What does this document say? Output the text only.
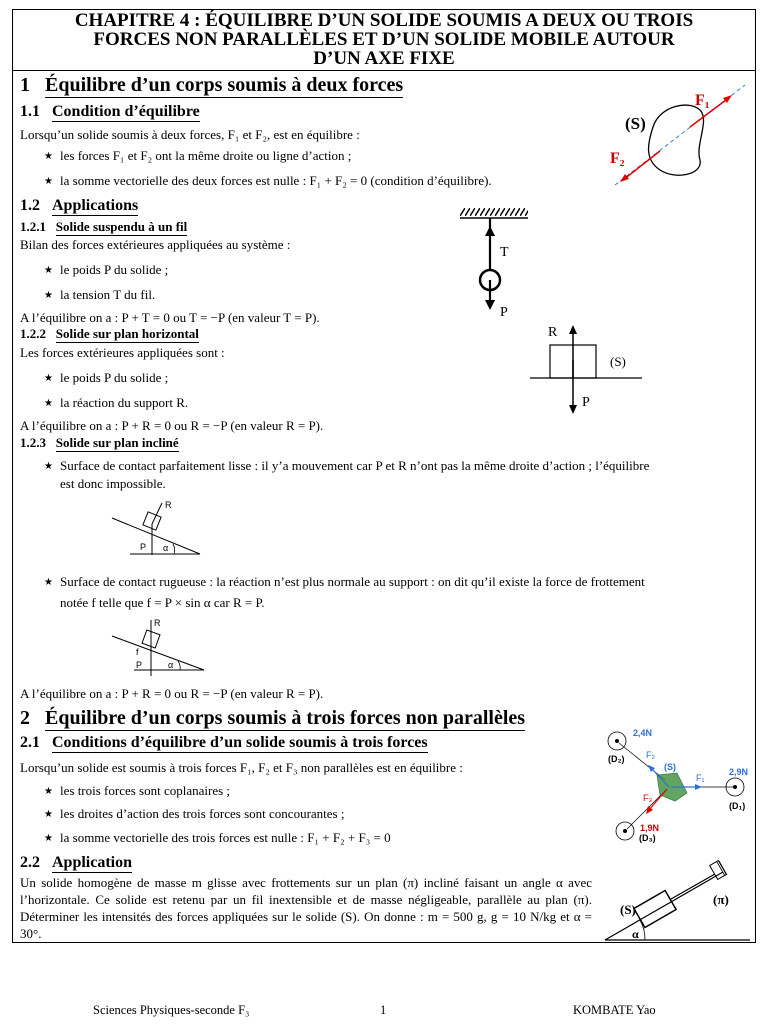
CHAPITRE 4 : ÉQUILIBRE D’UN SOLIDE SOUMIS A DEUX OU TROIS
FORCES NON PARALLÈLES ET D’UN SOLIDE MOBILE AUTOUR
D’UN AXE FIXE
1 Équilibre d’un corps soumis à deux forces
1.1 Condition d’équilibre
Lorsqu’un solide soumis à deux forces, F₁ et F₂, est en équilibre :
★ les forces F₁ et F₂ ont la même droite ou ligne d’action ;
★ la somme vectorielle des deux forces est nulle : F₁ + F₂ = 0 (condition d’équilibre).
(S)
F₁
F₂
1.2 Applications
1.2.1 Solide suspendu à un fil
Bilan des forces extérieures appliquées au système :
★ le poids P du solide ;
★ la tension T du fil.
A l’équilibre on a : P + T = 0 ou T = −P (en valeur T = P).
T
P
1.2.2 Solide sur plan horizontal
Les forces extérieures appliquées sont :
★ le poids P du solide ;
★ la réaction du support R.
A l’équilibre on a : P + R = 0 ou R = −P (en valeur R = P).
R
(S)
P
1.2.3 Solide sur plan incliné
★ Surface de contact parfaitement lisse : il y’a mouvement car P et R n’ont pas la même droite d’action ; l’équilibre
est donc impossible.
R
P α
★ Surface de contact rugueuse : la réaction n’est plus normale au support : on dit qu’il existe la force de frottement
notée f telle que f = P × sin α car R = P.
R
f
P	α
A l’équilibre on a : P + R = 0 ou R = −P (en valeur R = P).
2 Équilibre d’un corps soumis à trois forces non parallèles
2.1 Conditions d’équilibre d’un solide soumis à trois forces
Lorsqu’un solide est soumis à trois forces F₁, F₂ et F₃ non parallèles est en équilibre :
★ les trois forces sont coplanaires ;
★ les droites d’action des trois forces sont concourantes ;
★ la somme vectorielle des trois forces est nulle : F₁ + F₂ + F₃ = 0
2,4N
(D₂) F₂
(S)
F₁
2,9N
(D₁)
F₃
1,9N
(D₃)
2.2 Application
Un solide homogène de masse m glisse avec frottements sur un plan (π) incliné faisant un angle α avec l’horizontale. Ce solide est retenu par un fil inextensible et de masse négligeable, parallèle au plan (π). Déterminer les intensités des forces appliquées sur le solide (S). On donne : m = 500 g, g = 10 N/kg et α = 30°.
(S)
(π)
α
Sciences Physiques-seconde F₃	1	KOMBATE Yao
